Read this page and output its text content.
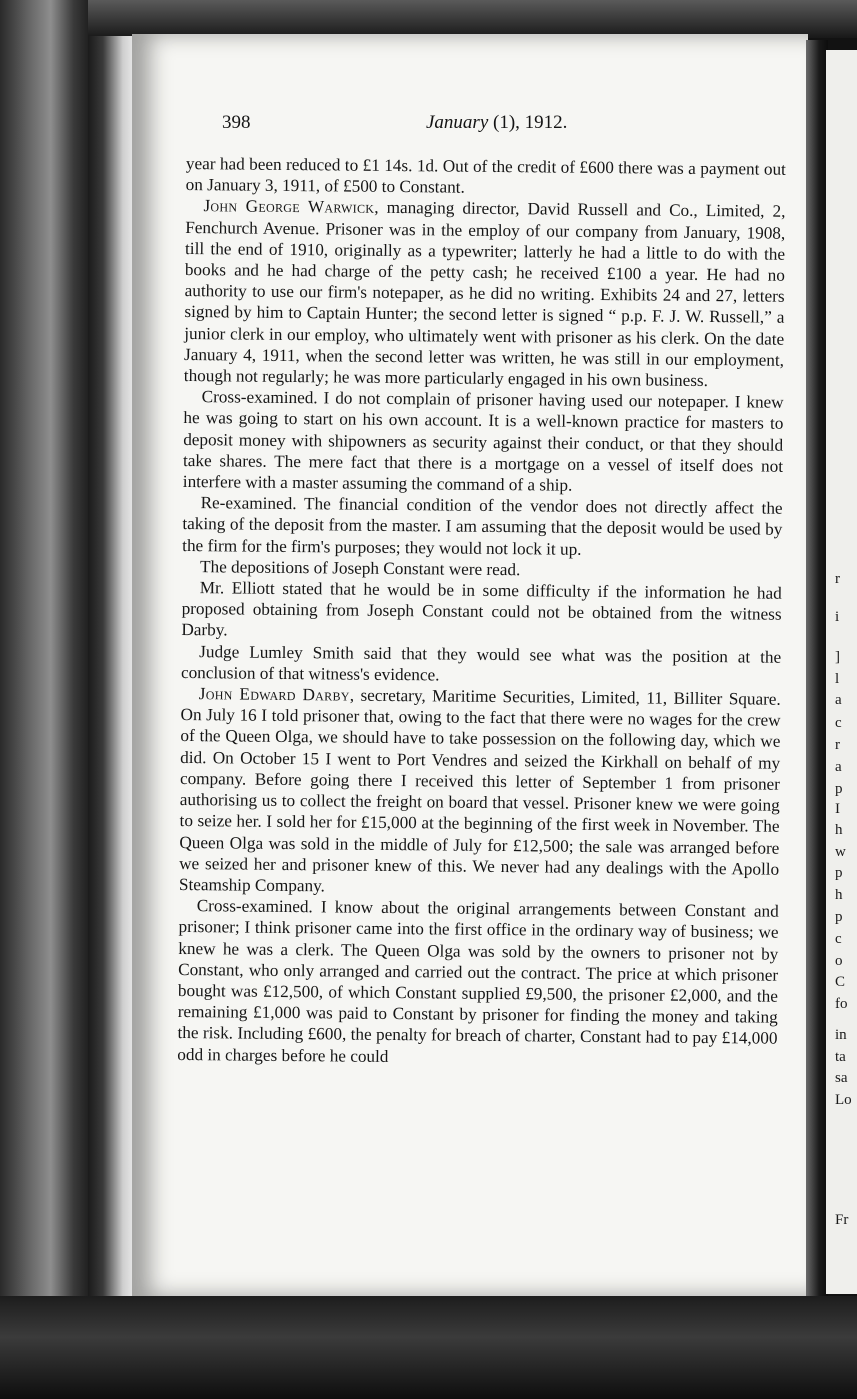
r
i
]
l
a
c
r
a
p
I
h
w
p
h
p
c
o
C
fo
in
ta
sa
Lo
Fr
398	January (1), 1912.

year had been reduced to £1 14s. 1d. Out of the credit of £600 there was a payment out on January 3, 1911, of £500 to Constant.

John George Warwick, managing director, David Russell and Co., Limited, 2, Fenchurch Avenue. Prisoner was in the employ of our company from January, 1908, till the end of 1910, originally as a typewriter; latterly he had a little to do with the books and he had charge of the petty cash; he received £100 a year. He had no authority to use our firm's notepaper, as he did no writing. Exhibits 24 and 27, letters signed by him to Captain Hunter; the second letter is signed “ p.p. F. J. W. Russell,” a junior clerk in our employ, who ultimately went with prisoner as his clerk. On the date January 4, 1911, when the second letter was written, he was still in our employment, though not regularly; he was more particularly engaged in his own business.

Cross-examined. I do not complain of prisoner having used our notepaper. I knew he was going to start on his own account. It is a well-known practice for masters to deposit money with shipowners as security against their conduct, or that they should take shares. The mere fact that there is a mortgage on a vessel of itself does not interfere with a master assuming the command of a ship.

Re-examined. The financial condition of the vendor does not directly affect the taking of the deposit from the master. I am assuming that the deposit would be used by the firm for the firm's purposes; they would not lock it up.

The depositions of Joseph Constant were read.

Mr. Elliott stated that he would be in some difficulty if the information he had proposed obtaining from Joseph Constant could not be obtained from the witness Darby.

Judge Lumley Smith said that they would see what was the position at the conclusion of that witness's evidence.

John Edward Darby, secretary, Maritime Securities, Limited, 11, Billiter Square. On July 16 I told prisoner that, owing to the fact that there were no wages for the crew of the Queen Olga, we should have to take possession on the following day, which we did. On October 15 I went to Port Vendres and seized the Kirkhall on behalf of my company. Before going there I received this letter of September 1 from prisoner authorising us to collect the freight on board that vessel. Prisoner knew we were going to seize her. I sold her for £15,000 at the beginning of the first week in November. The Queen Olga was sold in the middle of July for £12,500; the sale was arranged before we seized her and prisoner knew of this. We never had any dealings with the Apollo Steamship Company.

Cross-examined. I know about the original arrangements between Constant and prisoner; I think prisoner came into the first office in the ordinary way of business; we knew he was a clerk. The Queen Olga was sold by the owners to prisoner not by Constant, who only arranged and carried out the contract. The price at which prisoner bought was £12,500, of which Constant supplied £9,500, the prisoner £2,000, and the remaining £1,000 was paid to Constant by prisoner for finding the money and taking the risk. Including £600, the penalty for breach of charter, Constant had to pay £14,000 odd in charges before he could
